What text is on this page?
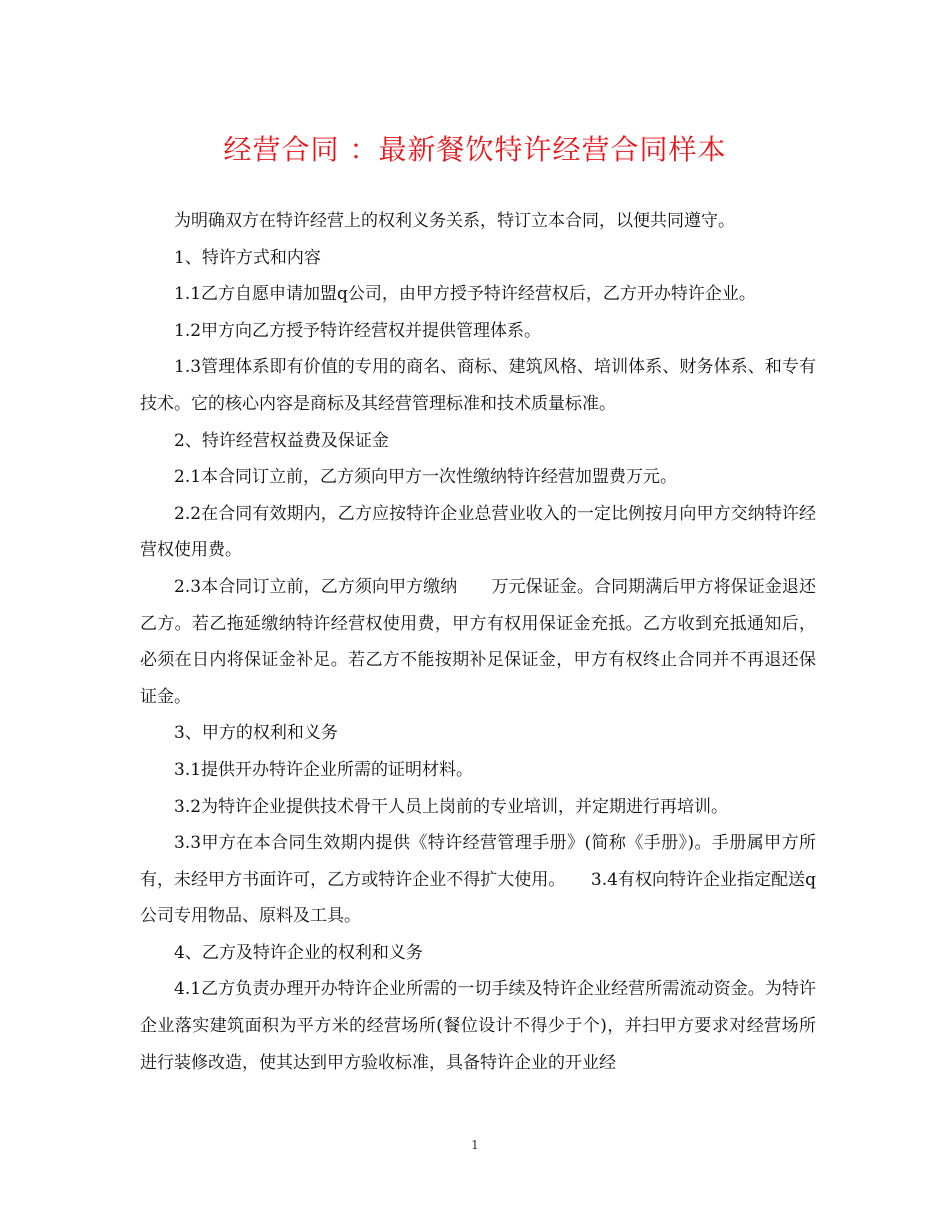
经营合同 ：最新餐饮特许经营合同样本

为明确双方在特许经营上的权利义务关系，特订立本合同，以便共同遵守。

1、特许方式和内容

1.1乙方自愿申请加盟q公司，由甲方授予特许经营权后，乙方开办特许企业。

1.2甲方向乙方授予特许经营权并提供管理体系。

1.3管理体系即有价值的专用的商名、商标、建筑风格、培训体系、财务体系、和专有技术。它的核心内容是商标及其经营管理标准和技术质量标准。

2、特许经营权益费及保证金

2.1本合同订立前，乙方须向甲方一次性缴纳特许经营加盟费万元。

2.2在合同有效期内，乙方应按特许企业总营业收入的一定比例按月向甲方交纳特许经营权使用费。

2.3本合同订立前，乙方须向甲方缴纳　　万元保证金。合同期满后甲方将保证金退还乙方。若乙拖延缴纳特许经营权使用费，甲方有权用保证金充抵。乙方收到充抵通知后，必须在日内将保证金补足。若乙方不能按期补足保证金，甲方有权终止合同并不再退还保证金。

3、甲方的权利和义务

3.1提供开办特许企业所需的证明材料。

3.2为特许企业提供技术骨干人员上岗前的专业培训，并定期进行再培训。

3.3甲方在本合同生效期内提供《特许经营管理手册》(简称《手册》)。手册属甲方所有，未经甲方书面许可，乙方或特许企业不得扩大使用。　　3.4有权向特许企业指定配送q公司专用物品、原料及工具。

4、乙方及特许企业的权利和义务

4.1乙方负责办理开办特许企业所需的一切手续及特许企业经营所需流动资金。为特许企业落实建筑面积为平方米的经营场所(餐位设计不得少于个)，并扫甲方要求对经营场所进行装修改造，使其达到甲方验收标准，具备特许企业的开业经

1
